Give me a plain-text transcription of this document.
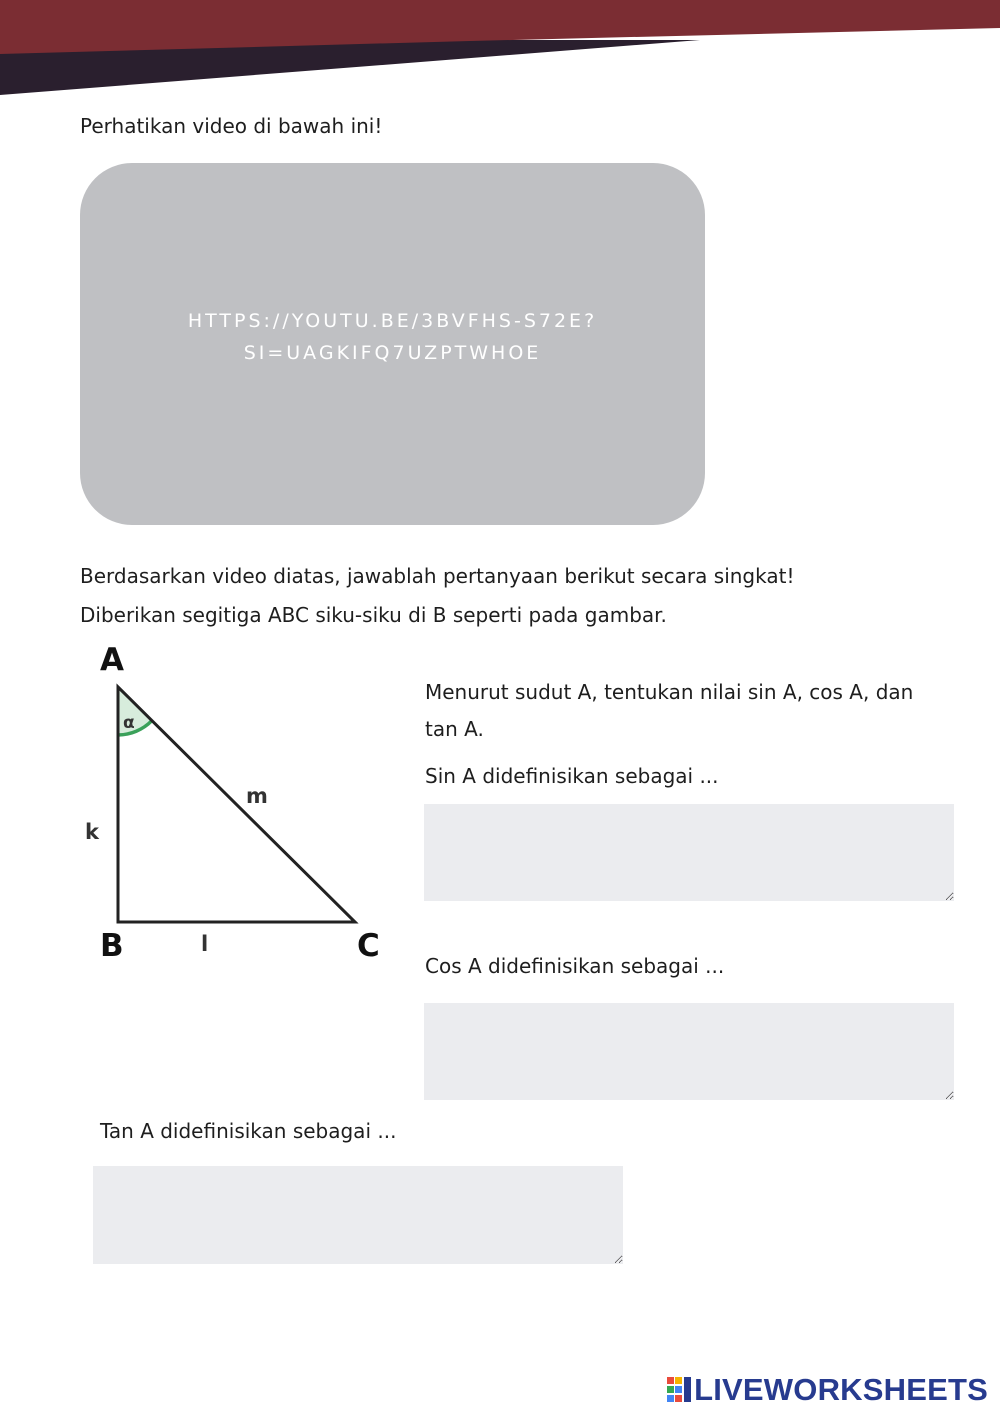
Perhatikan video di bawah ini!
HTTPS://YOUTU.BE/3BVFHS-S72E?SI=UAGKIFQ7UZPTWHOE
Berdasarkan video diatas, jawablah pertanyaan berikut secara singkat!
Diberikan segitiga ABC siku-siku di B seperti pada gambar.
A
B	C
k
l
m
α
Menurut sudut A, tentukan nilai sin A, cos A, dan tan A.
Sin A didefinisikan sebagai ...
Cos A didefinisikan sebagai ...
Tan A didefinisikan sebagai ...
LIVEWORKSHEETS
